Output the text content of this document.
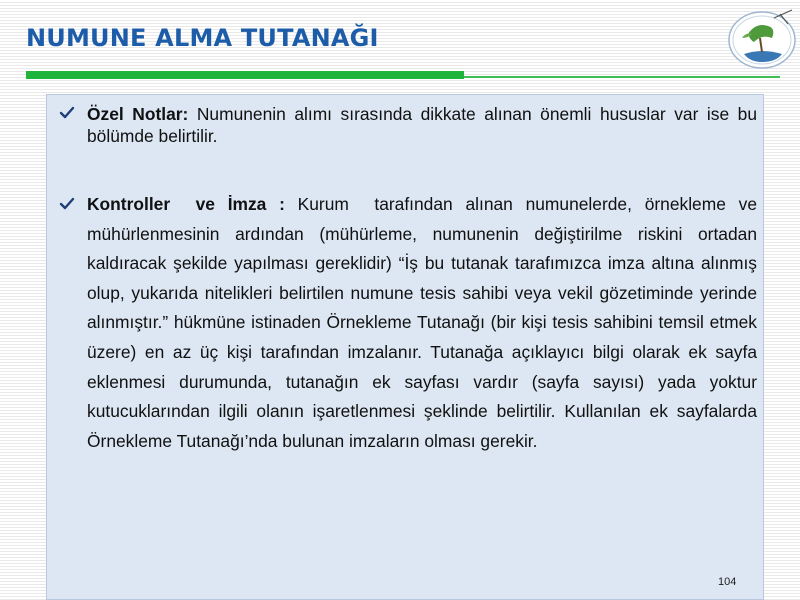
NUMUNE ALMA TUTANAĞI
Özel Notlar: Numunenin alımı sırasında dikkate alınan önemli hususlar var ise bu bölümde belirtilir.
Kontroller  ve İmza : Kurum  tarafından alınan numunelerde, örnekleme ve mühürlenmesinin ardından (mühürleme, numunenin değiştirilme riskini ortadan kaldıracak şekilde yapılması gereklidir) “İş bu tutanak tarafımızca imza altına alınmış olup, yukarıda nitelikleri belirtilen numune tesis sahibi veya vekil gözetiminde yerinde alınmıştır.” hükmüne istinaden Örnekleme Tutanağı (bir kişi tesis sahibini temsil etmek üzere) en az üç kişi tarafından imzalanır. Tutanağa açıklayıcı bilgi olarak ek sayfa eklenmesi durumunda, tutanağın ek sayfası vardır (sayfa sayısı) yada yoktur kutucuklarından ilgili olanın işaretlenmesi şeklinde belirtilir. Kullanılan ek sayfalarda Örnekleme Tutanağı’nda bulunan imzaların olması gerekir.
104
